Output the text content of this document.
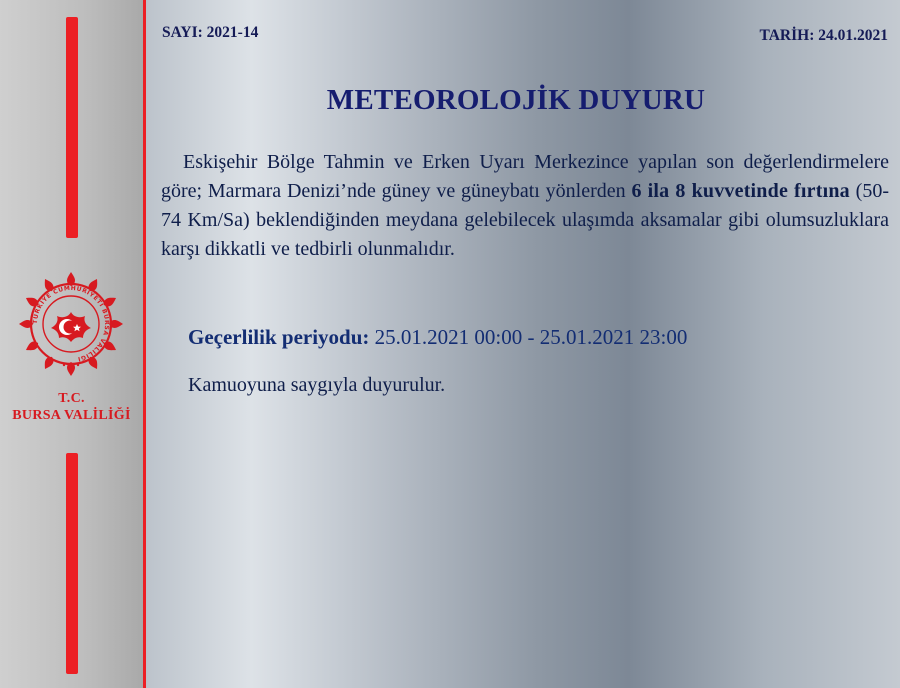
TÜRKİYE CUMHURİYETİ BURSA VALİLİĞİ
T.C.
BURSA VALİLİĞİ
SAYI: 2021-14	TARİH: 24.01.2021
METEOROLOJİK DUYURU

Eskişehir Bölge Tahmin ve Erken Uyarı Merkezince yapılan son değerlendirmelere göre; Marmara Denizi’nde güney ve güneybatı yönlerden 6 ila 8 kuvvetinde fırtına (50-74 Km/Sa) beklendiğinden meydana gelebilecek ulaşımda aksamalar gibi olumsuzluklara karşı dikkatli ve tedbirli olunmalıdır.

Geçerlilik periyodu: 25.01.2021 00:00 - 25.01.2021 23:00
Kamuoyuna saygıyla duyurulur.
